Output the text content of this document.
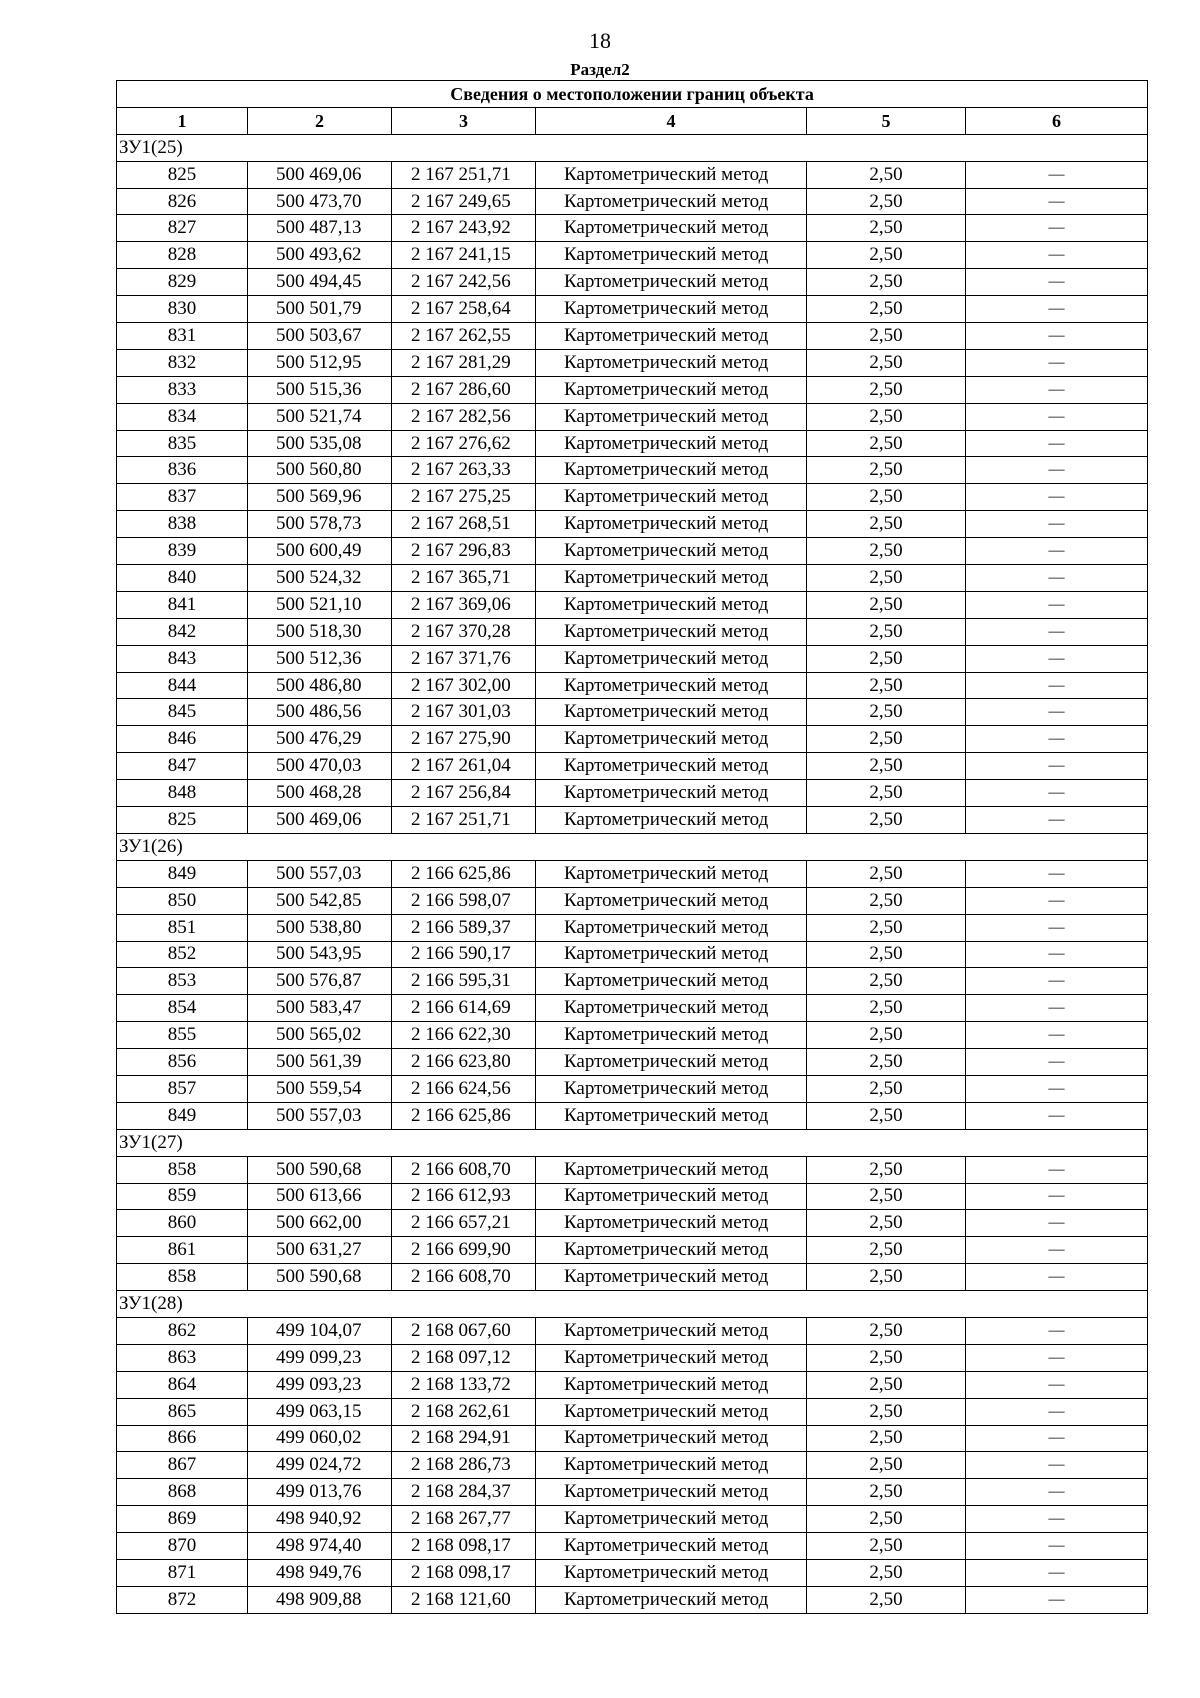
18
Раздел2
Сведения о местоположении границ объекта					
1	2	3	4	5	6
ЗУ1(25)					
825	500 469,06	2 167 251,71	Картометрический метод	2,50	—
826	500 473,70	2 167 249,65	Картометрический метод	2,50	—
827	500 487,13	2 167 243,92	Картометрический метод	2,50	—
828	500 493,62	2 167 241,15	Картометрический метод	2,50	—
829	500 494,45	2 167 242,56	Картометрический метод	2,50	—
830	500 501,79	2 167 258,64	Картометрический метод	2,50	—
831	500 503,67	2 167 262,55	Картометрический метод	2,50	—
832	500 512,95	2 167 281,29	Картометрический метод	2,50	—
833	500 515,36	2 167 286,60	Картометрический метод	2,50	—
834	500 521,74	2 167 282,56	Картометрический метод	2,50	—
835	500 535,08	2 167 276,62	Картометрический метод	2,50	—
836	500 560,80	2 167 263,33	Картометрический метод	2,50	—
837	500 569,96	2 167 275,25	Картометрический метод	2,50	—
838	500 578,73	2 167 268,51	Картометрический метод	2,50	—
839	500 600,49	2 167 296,83	Картометрический метод	2,50	—
840	500 524,32	2 167 365,71	Картометрический метод	2,50	—
841	500 521,10	2 167 369,06	Картометрический метод	2,50	—
842	500 518,30	2 167 370,28	Картометрический метод	2,50	—
843	500 512,36	2 167 371,76	Картометрический метод	2,50	—
844	500 486,80	2 167 302,00	Картометрический метод	2,50	—
845	500 486,56	2 167 301,03	Картометрический метод	2,50	—
846	500 476,29	2 167 275,90	Картометрический метод	2,50	—
847	500 470,03	2 167 261,04	Картометрический метод	2,50	—
848	500 468,28	2 167 256,84	Картометрический метод	2,50	—
825	500 469,06	2 167 251,71	Картометрический метод	2,50	—
ЗУ1(26)					
849	500 557,03	2 166 625,86	Картометрический метод	2,50	—
850	500 542,85	2 166 598,07	Картометрический метод	2,50	—
851	500 538,80	2 166 589,37	Картометрический метод	2,50	—
852	500 543,95	2 166 590,17	Картометрический метод	2,50	—
853	500 576,87	2 166 595,31	Картометрический метод	2,50	—
854	500 583,47	2 166 614,69	Картометрический метод	2,50	—
855	500 565,02	2 166 622,30	Картометрический метод	2,50	—
856	500 561,39	2 166 623,80	Картометрический метод	2,50	—
857	500 559,54	2 166 624,56	Картометрический метод	2,50	—
849	500 557,03	2 166 625,86	Картометрический метод	2,50	—
ЗУ1(27)					
858	500 590,68	2 166 608,70	Картометрический метод	2,50	—
859	500 613,66	2 166 612,93	Картометрический метод	2,50	—
860	500 662,00	2 166 657,21	Картометрический метод	2,50	—
861	500 631,27	2 166 699,90	Картометрический метод	2,50	—
858	500 590,68	2 166 608,70	Картометрический метод	2,50	—
ЗУ1(28)					
862	499 104,07	2 168 067,60	Картометрический метод	2,50	—
863	499 099,23	2 168 097,12	Картометрический метод	2,50	—
864	499 093,23	2 168 133,72	Картометрический метод	2,50	—
865	499 063,15	2 168 262,61	Картометрический метод	2,50	—
866	499 060,02	2 168 294,91	Картометрический метод	2,50	—
867	499 024,72	2 168 286,73	Картометрический метод	2,50	—
868	499 013,76	2 168 284,37	Картометрический метод	2,50	—
869	498 940,92	2 168 267,77	Картометрический метод	2,50	—
870	498 974,40	2 168 098,17	Картометрический метод	2,50	—
871	498 949,76	2 168 098,17	Картометрический метод	2,50	—
872	498 909,88	2 168 121,60	Картометрический метод	2,50	—
